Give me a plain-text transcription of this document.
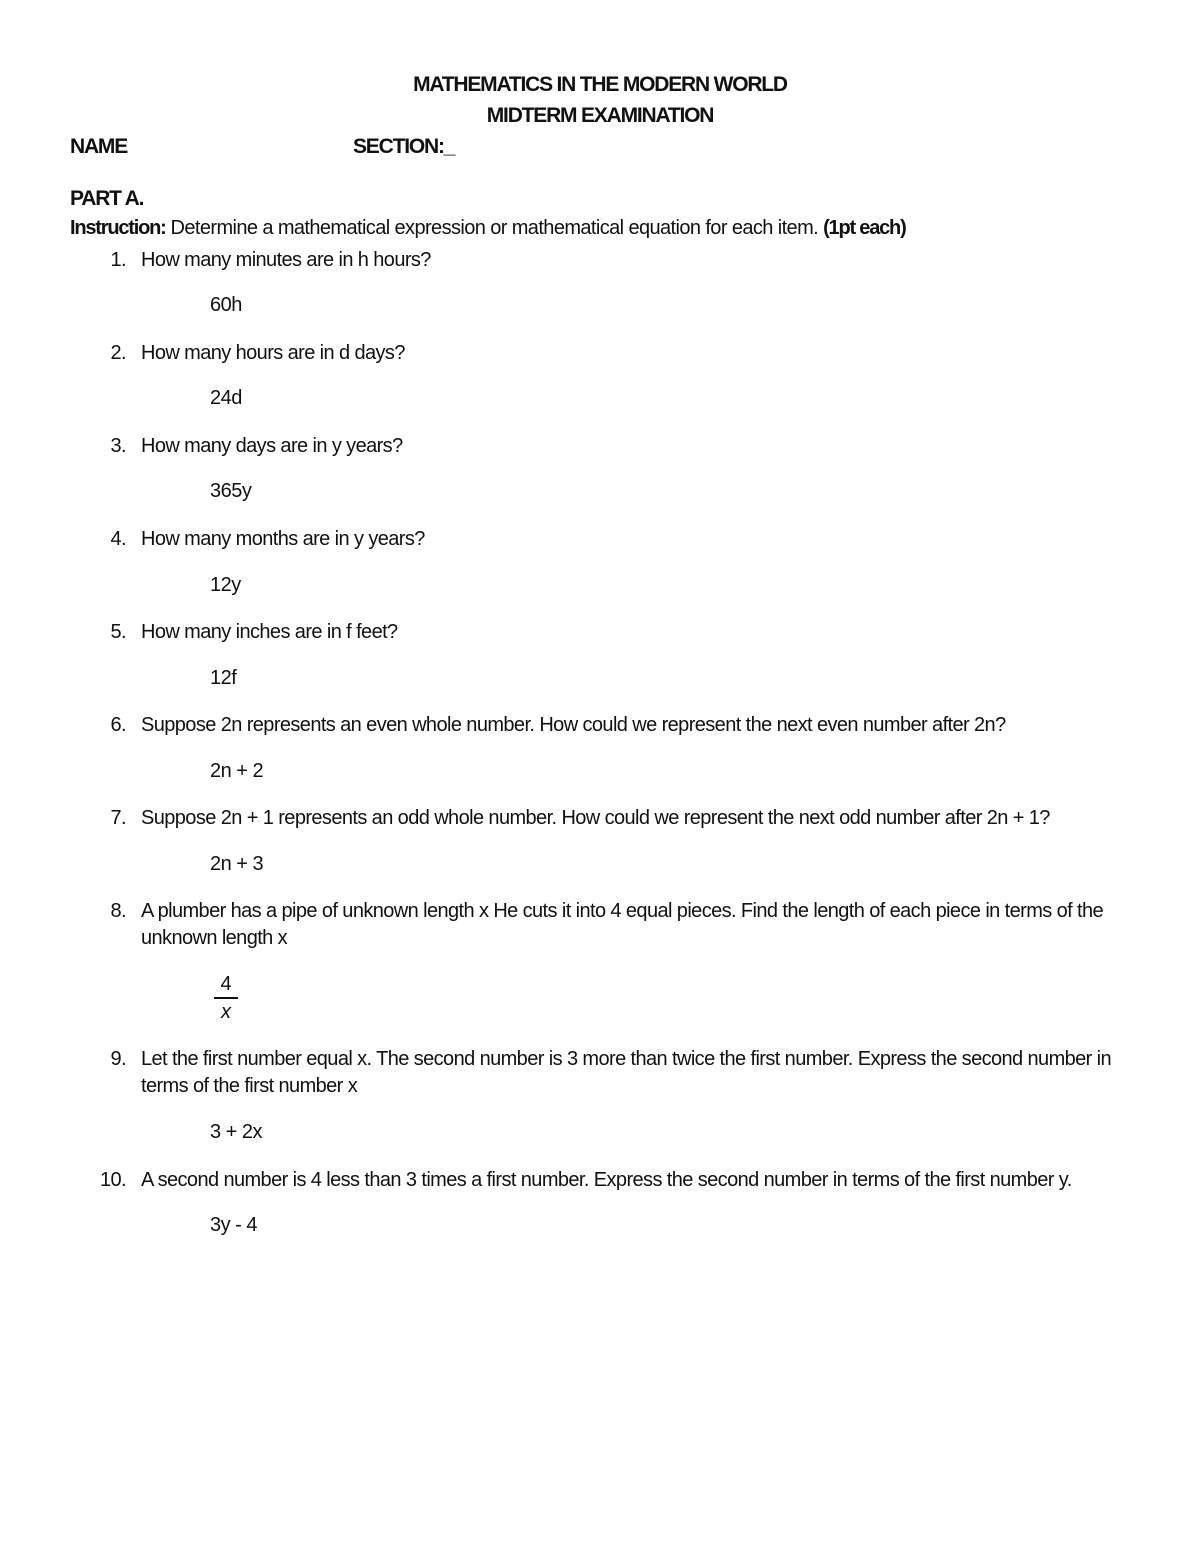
MATHEMATICS IN THE MODERN WORLD
MIDTERM EXAMINATION
NAME	SECTION:_
PART A.
Instruction: Determine a mathematical expression or mathematical equation for each item. (1pt each)
1. How many minutes are in h hours?
60h
2. How many hours are in d days?
24d
3. How many days are in y years?
365y
4. How many months are in y years?
12y
5. How many inches are in f feet?
12f
6. Suppose 2n represents an even whole number. How could we represent the next even number after 2n?
2n + 2
7. Suppose 2n + 1 represents an odd whole number. How could we represent the next odd number after 2n + 1?
2n + 3
8. A plumber has a pipe of unknown length x He cuts it into 4 equal pieces. Find the length of each piece in terms of the unknown length x
4
x
9. Let the first number equal x. The second number is 3 more than twice the first number. Express the second number in terms of the first number x
3 + 2x
10. A second number is 4 less than 3 times a first number. Express the second number in terms of the first number y.
3y - 4
